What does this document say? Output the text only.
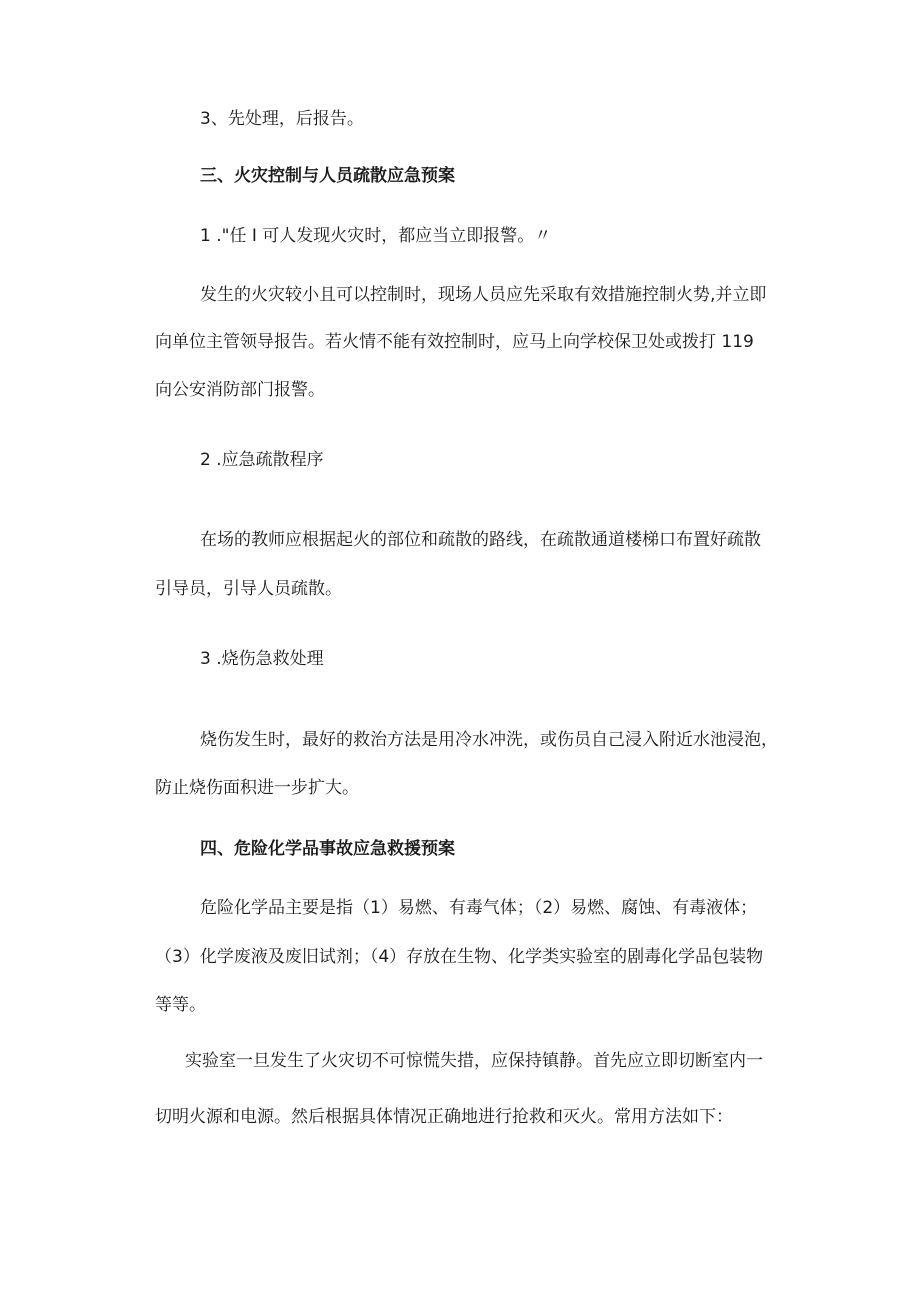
3、先处理，后报告。

三、火灾控制与人员疏散应急预案

1 ."任 I 可人发现火灾时，都应当立即报警。〃

发生的火灾较小且可以控制时，现场人员应先采取有效措施控制火势,并立即

向单位主管领导报告。若火情不能有效控制时，应马上向学校保卫处或拨打 119

向公安消防部门报警。

2 .应急疏散程序

在场的教师应根据起火的部位和疏散的路线，在疏散通道楼梯口布置好疏散

引导员，引导人员疏散。

3 .烧伤急救处理

烧伤发生时，最好的救治方法是用冷水冲洗，或伤员自己浸入附近水池浸泡，

防止烧伤面积进一步扩大。

四、危险化学品事故应急救援预案

危险化学品主要是指（1）易燃、有毒气体；（2）易燃、腐蚀、有毒液体；

（3）化学废液及废旧试剂；（4）存放在生物、化学类实验室的剧毒化学品包装物

等等。

实验室一旦发生了火灾切不可惊慌失措，应保持镇静。首先应立即切断室内一

切明火源和电源。然后根据具体情况正确地进行抢救和灭火。常用方法如下：
